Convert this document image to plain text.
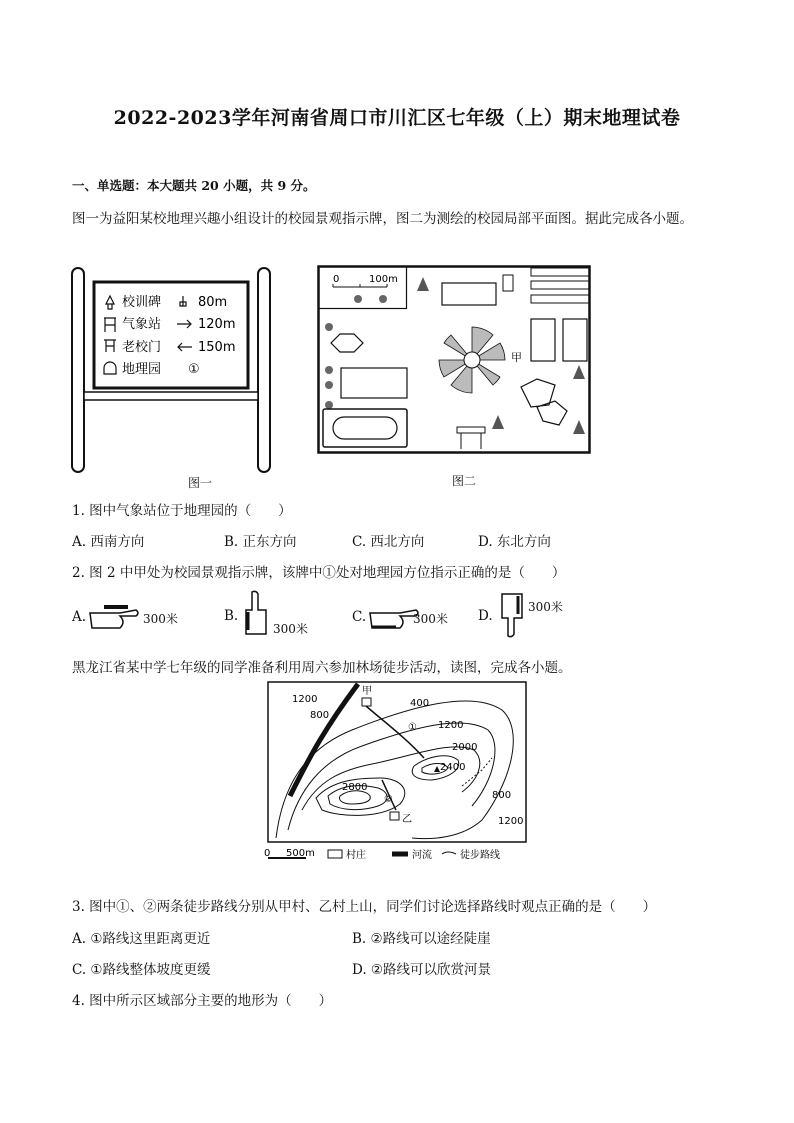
2022-2023学年河南省周口市川汇区七年级（上）期末地理试卷
一、单选题：本大题共 20 小题，共 9 分。
图一为益阳某校地理兴趣小组设计的校园景观指示牌，图二为测绘的校园局部平面图。据此完成各小题。
校训碑	80m
气象站	120m
老校门	150m
地理园 ①
图一
0	100m
甲
图二
1. 图中气象站位于地理园的（　　）
A. 西南方向	B. 正东方向	C. 西北方向	D. 东北方向
2. 图 2 中甲处为校园景观指示牌，该牌中①处对地理园方位指示正确的是（　　）
A.	300米	B.
300米
C.	300米 D.
300米
黑龙江省某中学七年级的同学准备利用周六参加林场徒步活动，读图，完成各小题。
1200
800
400
1200
2000
2400
2800
800
1200
甲
乙
①
②
0 500m	村庄	河流	徒步路线
3. 图中①、②两条徒步路线分别从甲村、乙村上山，同学们讨论选择路线时观点正确的是（　　）
A. ①路线这里距离更近	B. ②路线可以途经陡崖
C. ①路线整体坡度更缓	D. ②路线可以欣赏河景
4. 图中所示区域部分主要的地形为（　　）
